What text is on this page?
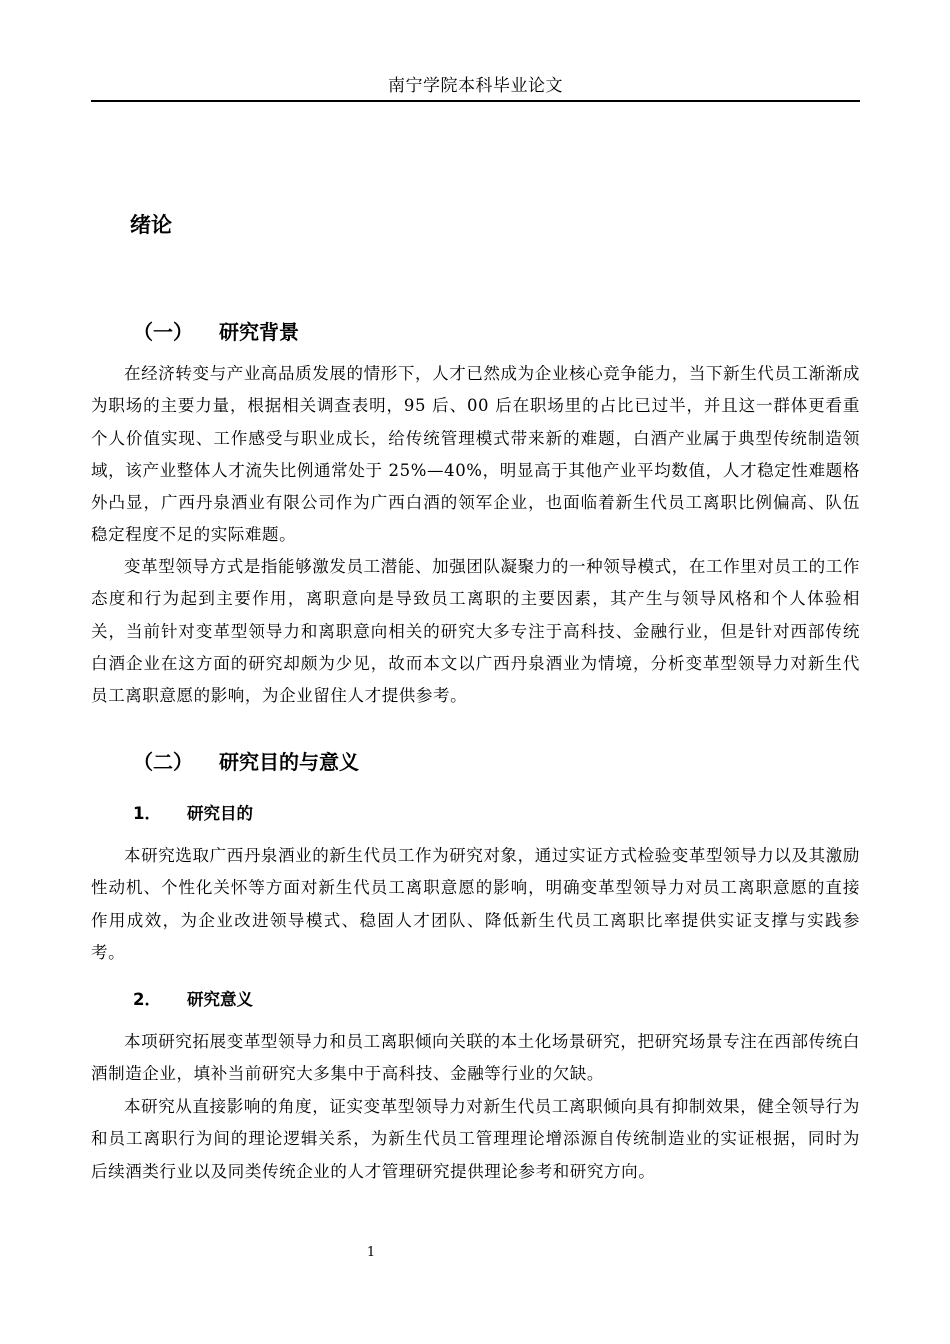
南宁学院本科毕业论文
绪论
（一） 研究背景

在经济转变与产业高品质发展的情形下，人才已然成为企业核心竞争能力，当下新生代员工渐渐成为职场的主要力量，根据相关调查表明，95 后、00 后在职场里的占比已过半，并且这一群体更看重个人价值实现、工作感受与职业成长，给传统管理模式带来新的难题，白酒产业属于典型传统制造领域，该产业整体人才流失比例通常处于 25%—40%，明显高于其他产业平均数值，人才稳定性难题格外凸显，广西丹泉酒业有限公司作为广西白酒的领军企业，也面临着新生代员工离职比例偏高、队伍稳定程度不足的实际难题。

变革型领导方式是指能够激发员工潜能、加强团队凝聚力的一种领导模式，在工作里对员工的工作态度和行为起到主要作用，离职意向是导致员工离职的主要因素，其产生与领导风格和个人体验相关，当前针对变革型领导力和离职意向相关的研究大多专注于高科技、金融行业，但是针对西部传统白酒企业在这方面的研究却颇为少见，故而本文以广西丹泉酒业为情境，分析变革型领导力对新生代员工离职意愿的影响，为企业留住人才提供参考。

（二） 研究目的与意义
1． 研究目的

本研究选取广西丹泉酒业的新生代员工作为研究对象，通过实证方式检验变革型领导力以及其激励性动机、个性化关怀等方面对新生代员工离职意愿的影响，明确变革型领导力对员工离职意愿的直接作用成效，为企业改进领导模式、稳固人才团队、降低新生代员工离职比率提供实证支撑与实践参考。

2． 研究意义

本项研究拓展变革型领导力和员工离职倾向关联的本土化场景研究，把研究场景专注在西部传统白酒制造企业，填补当前研究大多集中于高科技、金融等行业的欠缺。

本研究从直接影响的角度，证实变革型领导力对新生代员工离职倾向具有抑制效果，健全领导行为和员工离职行为间的理论逻辑关系，为新生代员工管理理论增添源自传统制造业的实证根据，同时为后续酒类行业以及同类传统企业的人才管理研究提供理论参考和研究方向。

1
